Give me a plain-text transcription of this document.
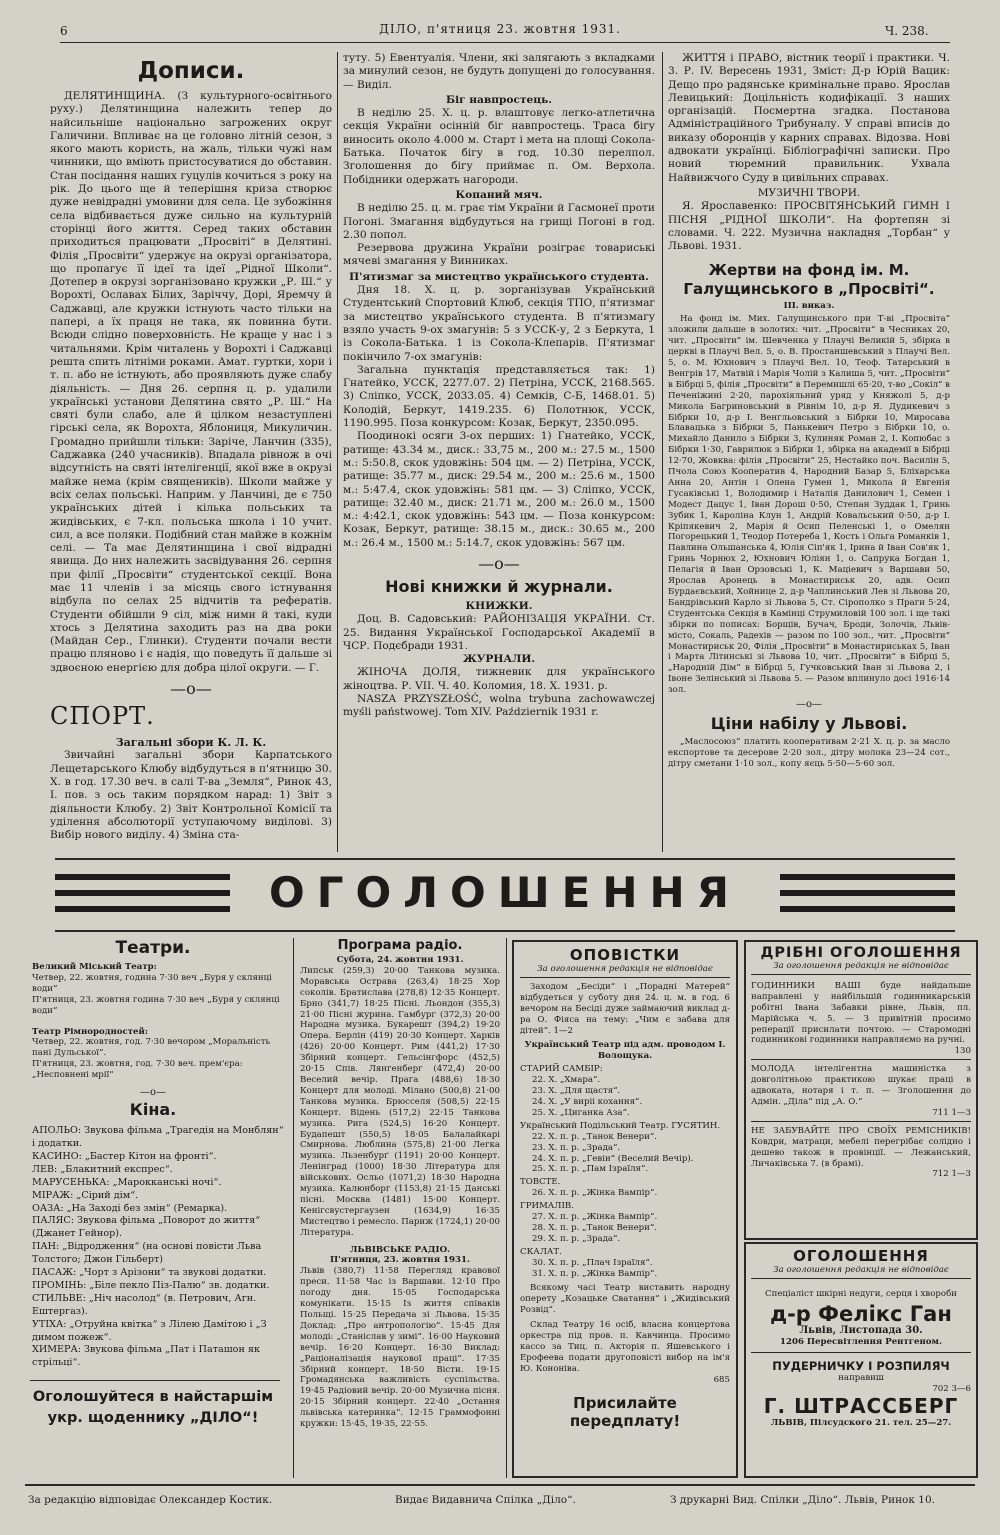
6	ДІЛО, п'ятниця 23. жовтня 1931.	Ч. 238.
Дописи.

ДЕЛЯТИНЩИНА. (З культурного-освітнього руху.) Делятинщина належить тепер до найсильніше національно загрожених округ Галичини. Впливає на це головно літній сезон, з якого мають користь, на жаль, тільки чужі нам чинники, що вміють пристосуватися до обставин. Стан посідання наших гуцулів кочиться з року на рік. До цього ще й теперішня криза створює дуже невідрадні умовини для села. Це зубожіння села відбивається дуже сильно на культурній сторінці його життя. Серед таких обставин приходиться працювати „Просвіті“ в Делятині. Філія „Просвіти“ удержує на окрузі організатора, що пропагує її ідеї та ідеї „Рідної Школи“. Дотепер в окрузі зорганізовано кружки „Р. Ш.“ у Ворохті, Ославах Білих, Заріччу, Дорі, Яремчу й Саджавці, але кружки істнують часто тільки на папері, а їх праця не така, як повинна бути. Всюди слідно поверховність. Не краще у нас і з читальнями. Крім читалень у Ворохті і Саджавці решта спить літніми роками. Амат. гуртки, хори і т. п. або не істнують, або проявляють дуже слабу діяльність. — Дня 26. серпня ц. р. удалили українські установи Делятина свято „Р. Ш.“ На святі були слабо, але й цілком незаступлені гірські села, як Ворохта, Яблониця, Микуличин. Громадно прийшли тільки: Заріче, Ланчин (335), Саджавка (240 учасників). Впадала рівнож в очі відсутність на святі інтелігенції, якої вже в окрузі майже нема (крім священиків). Школи майже у всіх селах польські. Наприм. у Ланчині, де є 750 українських дітей і кілька польських та жидівських, є 7-кл. польська школа і 10 учит. сил, а все поляки. Подібний стан майже в кожнім селі. — Та має Делятинщина і свої відрадні явища. До них належить засвідування 26. серпня при філії „Просвіти“ студентської секції. Вона має 11 членів і за місяць свого істнування відбула по селах 25 відчитів та рефератів. Студенти обійшли 9 сіл, між ними й такі, куди хтось з Делятина заходить раз на два роки (Майдан Сер., Глинки). Студенти почали вести працю пляново і є надія, що поведуть її дальше зі здвоєною енергією для добра цілої округи. — Г.

—o—
СПОРТ.
Загальні збори К. Л. К.

Звичайні загальні збори Карпатського Лещетарського Клюбу відбудуться в п'ятницю 30. X. в год. 17.30 веч. в салі Т-ва „Земля“, Ринок 43, І. пов. з ось таким порядком нарад: 1) Звіт з діяльности Клюбу. 2) Звіт Контрольної Комісії та уділення абсолюторії уступаючому виділові. 3) Вибір нового виділу. 4) Зміна ста-

туту. 5) Евентуалія. Члени, які залягають з вкладками за минулий сезон, не будуть допущені до голосування. — Виділ.

Біг навпростець.

В неділю 25. X. ц. р. влаштовує легко-атлетична секція України осінній біг навпростець. Траса бігу виносить около 4.000 м. Старт і мета на площі Сокола-Батька. Початок бігу в год. 10.30 перелпол. Зголошення до бігу приймає п. Ом. Верхола. Побідники одержать нагороди.

Копаний мяч.

В неділю 25. ц. м. грає тім України й Гасмонеї проти Погоні. Змагання відбудуться на грищі Погоні в год. 2.30 попол.

Резервова дружина України розіграє товариські мячеві змагання у Винниках.

П'ятизмаг за мистецтво українського студента.

Дня 18. X. ц. р. зорганізував Український Студентський Спортовий Клюб, секція ТПО, п'ятизмаг за мистецтво українського студента. В п'ятизмагу взяло участь 9-ох змагунів: 5 з УССК-у, 2 з Беркута, 1 із Сокола-Батька. 1 із Сокола-Клепарів. П'ятизмаг покінчило 7-ох змагунів:

Загальна пунктація представляється так: 1) Гнатейко, УССК, 2277.07. 2) Петріна, УССК, 2168.565. 3) Сліпко, УССК, 2033.05. 4) Семків, С-Б, 1468.01. 5) Колодій, Беркут, 1419.235. 6) Полотнюк, УССК, 1190.995. Поза конкурсом: Козак, Беркут, 2350.095.

Поодинокі осяги 3-ох перших: 1) Гнатейко, УССК, ратище: 43.34 м., диск.: 33,75 м., 200 м.: 27.5 м., 1500 м.: 5:50.8, скок удовжінь: 504 цм. — 2) Петріна, УССК, ратище: 35.77 м., диск: 29.54 м., 200 м.: 25.6 м., 1500 м.: 5:47.4, скок удовжінь: 581 цм. — 3) Сліпко, УССК, ратище: 32.40 м., диск: 21.71 м., 200 м.: 26.0 м., 1500 м.: 4:42.1, скок удовжінь: 543 цм. — Поза конкурсом: Козак, Беркут, ратище: 38.15 м., диск.: 30.65 м., 200 м.: 26.4 м., 1500 м.: 5:14.7, скок удовжінь: 567 цм.

—o—
Нові книжки й журнали.
КНИЖКИ.

Доц. В. Садовський: РАЙОНІЗАЦІЯ УКРАЇНИ. Ст. 25. Видання Української Господарської Академії в ЧСР. Подєбради 1931.

ЖУРНАЛИ.

ЖІНОЧА ДОЛЯ, тижневик для українського жіноцтва. Р. VII. Ч. 40. Коломия, 18. X. 1931. р.

NASZA PRZYSZŁOŚĆ, wolna trybuna zachowawczej myśli państwowej. Tom XIV. Październik 1931 r.

ЖИТТЯ і ПРАВО, вістник теорії і практики. Ч. 3. Р. IV. Вересень 1931, Зміст: Д-р Юрій Вацик: Дещо про радянське кримінальне право. Ярослав Левицький: Доцільність кодифікації. З наших організацій. Посмертна згадка. Постанова Адміністраційного Трибуналу. У справі вписів до виказу оборонців у карних справах. Відозва. Нові адвокати українці. Бібліографічні записки. Про новий тюремний правильник. Ухвала Найвижчого Суду в цивільних справах.

МУЗИЧНІ ТВОРИ.

Я. Ярославенко: ПРОСВІТЯНСЬКИЙ ГИМН І ПІСНЯ „РІДНОЇ ШКОЛИ“. На фортепян зі словами. Ч. 222. Музична накладня „Торбан“ у Львові. 1931.

Жертви на фонд ім. М. Галущинського в „Просвіті“.
ІІІ. виказ.

На фонд ім. Мих. Галущинського при Т-ві „Просвіта“ зложили дальше в золотих: чит. „Просвіти“ в Чесниках 20, чит. „Просвіти“ ім. Шевченка у Плаучі Великій 5, збірка в церкві в Плаучі Вел. 5, о. В. Простаншевський з Плаучі Вел. 5, о. М. Юхнович з Плаучі Вел. 10, Теоф. Татарський в Венгрів 17, Матвій і Марія Чолій з Калиша 5, чит. „Просвіти“ в Бібрці 5, філія „Просвіти“ в Перемишлі 65·20, т-во „Сокіл“ в Печеніжині 2·20, парохіяльний уряд у Княжолі 5, д-р Микола Багриновський в Рівнім 10, д-р Я. Дудикевич з Бібрки 10, д-р І. Венгльовський з Бібрки 10, Миросава Блавацька з Бібрки 5, Панькевич Петро з Бібрки 10, о. Михайло Данило з Бібрки 3, Кулиняк Роман 2, І. Копюбас з Бібрки 1·30, Гаврилюк з Бібрки 1, збірка на академії в Бібрці 12·70, Жовква: філія „Просвіти“ 25, Нестайко поч. Василін 5, Пчола Союз Кооператив 4, Народний Базар 5, Бліхарська Анна 20, Антін і Олена Гумен 1, Микола й Евгенія Гусаківські 1, Володимир і Наталія Данилович 1, Семен і Модест Дацус 1, Іван Дорош 0·50, Степан Зуддак 1, Гринь Зубик 1, Кароліна Клун 1, Андрій Ковальський 0·50, д-р І. Кріпякевич 2, Марія й Осип Пеленські 1, о Омелян Погорецький 1, Теодор Потереба 1, Кость і Ольга Романків 1, Павлина Ольшанська 4, Юлія Сіп'як 1, Ірина й Іван Сов'як 1, Гринь Чорнюх 2, Юхнович Юліян 1, о. Сапрука Богдан 1, Пелагія й Іван Орзовські 1, К. Маціевич з Варшави 50, Ярослав Аронець в Монастириськ 20, адв. Осип Бурдаєвський, Хойнице 2, д-р Чаплинський Лев зі Львова 20, Бандрівський Карло зі Львова 5, Ст. Сірополко з Праги 5·24, Студентська Секція в Камінці Струмиловій 100 зол. і ще такі збірки по пописах: Борщів, Бучач, Броди, Золочів, Львів-місто, Сокаль, Радехів — разом по 100 зол., чит. „Просвіти“ Монастириськ 20, Філія „Просвіти“ в Монастириськах 5, Іван і Марта Літинські зі Львова 10, чит. „Просвіти“ в Бібрці 5, „Народній Дім“ в Бібрці 5, Гучковський Іван зі Львова 2, і Івоне Зелінський зі Львова 5. — Разом вплинуло досі 1916·14 зол.

—o—
Ціни набілу у Львові.

„Маслосоюз“ платить кооперативам 2·21 Х. ц. р. за масло експортове та десерове 2·20 зол., дітру молока 23—24 сот., дітру сметани 1·10 зол., копу яєць 5·50—5·60 зол.

ОГОЛОШЕННЯ
Театри.
Великий Міський Театр:
Четвер, 22. жовтня, година 7·30 веч „Буря у склянці води“
П'ятниця, 23. жовтня година 7·30 веч „Буря у склянці води“
Театр Рімнородностей:
Четвер, 22. жовтня, год. 7·30 вечором „Моральність пані Дульської“.
П'ятниця, 23. жовтня, год. 7·30 веч. прем'єра: „Несповнені мрії“
—o—
Кіна.
АПОЛЬО: Звукова фільма „Трагедія на Монблян“ і додатки.
КАСИНО: „Бастер Кітон на фронті“.
ЛЕВ: „Блакитний експрес“.
МАРУСЕНЬКА: „Марокканські ночі“.
МІРАЖ: „Сірий дім“.
ОАЗА: „На Заході без змін“ (Ремарка).
ПАЛЯС: Звукова фільма „Поворот до життя“ (Джанет Гейнор).
ПАН: „Відродження“ (на основі повісти Льва Толстого; Джон Гільберт)
ПАСАЖ: „Чорт з Арізони“ та звукові додатки.
ПРОМІНЬ: „Біле пекло Піз-Палю“ зв. додатки.
СТИЛЬВЕ: „Ніч насолод“ (в. Петрович, Агн. Ештергаз).
УТІХА: „Отруйна квітка“ з Лілею Дамітою і „З димом пожеж“.
ХИМЕРА: Звукова фільма „Пат і Паташон як стрільці“.
Оголошуйтеся в найстаршім укр. щоденнику „ДІЛО“!
Програма радіо.
Субота, 24. жовтня 1931.

Липськ (259,3) 20·00 Танкова музика. Моравська Острава (263,4) 18·25 Хор соколів. Братислава (278,8) 12·35 Концерт. Брно (341,7) 18·25 Пісні. Льондон (355,3) 21·00 Пісні журина. Гамбург (372,3) 20·00 Народна музика. Букарешт (394,2) 19·20 Опера. Берлін (419) 20·30 Концерт. Харків (426) 20·00 Концерт. Рим (441,2) 17·30 Збірний концерт. Гельсінгфорс (452,5) 20·15 Спів. Лянгенберг (472,4) 20·00 Веселий вечір. Прага (488,6) 18·30 Концерт для молоді. Мілано (500,8) 21·00 Танкова музика. Брюсселя (508,5) 22·15 Концерт. Відень (517,2) 22·15 Танкова музика. Рига (524,5) 16·20 Концерт. Будапешт (550,5) 18·05 Балалайкарі Смирнова. Люблина (575,8) 21·00 Легка музика. Льзенбурґ (1191) 20·00 Концерт. Ленінград (1000) 18·30 Література для військових. Осльо (1071,2) 18·30 Народна музика. Калюнборг (1153,8) 21·15 Данські пісні. Москва (1481) 15·00 Концерт. Кенігсвустергаузен (1634,9) 16·35 Мистецтво і ремесло. Париж (1724,1) 20·00 Література.

ЛЬВІВСЬКЕ РАДІО.
П'ятниця, 23. жовтня 1931.

Львів (380,7) 11·58 Перегляд кравової преси. 11·58 Час із Варшави. 12·10 Про погоду дня. 15·05 Господарська комунікати. 15·15 Із життя співаків Польщі. 15·25 Передача зі Львова. 15·35 Доклад: „Про антропологію“. 15·45 Для молоді: „Станіслав у зимі“. 16·00 Науковий вечір. 16·20 Концерт. 16·30 Виклад: „Раціоналізація наукової праці“. 17·35 Збірний концерт. 18·50 Вісти. 19·15 Громадянська важливість суспільства. 19·45 Радіовий вечір. 20·00 Музична пісня. 20·15 Збірний концерт. 22·40 „Остання львівська катеринка“. 12·15 Граммофонні кружки: 15·45, 19·35, 22·55.

ОПОВІСТКИ
За оголошення редакція не відповідає

Заходом „Бесіди“ і „Порадні Матерей“ відбудеться у суботу дня 24. ц. м. в год. 6 вечором на Бесіді дуже займаючий виклад д-ра О. Фіяса на тему: „Чим є забава для дітей“. 1—2

Український Театр під адм. проводом І. Волощука.
СТАРИЙ САМБІР:
22. X. „Хмара“.
23. X. „Для щастя“.
24. X. „У виріі кохання“.
25. X. „Циганка Аза“.
Український Подільський Театр. ГУСЯТИН.
22. X. п. р. „Танок Венери“.
23. X. п. р. „Зрада“.
24. X. п. р. „Гевін“ (Веселий Вечір).
25. X. п. р. „Пам Ізраїля“.
ТОВСТЕ.
26. X. п. р. „Жінка Вампір“.
ГРИМАЛІВ.
27. X. п. р. „Жінка Вампір“.
28. X. п. р. „Танок Венери“.
29. X. п. р. „Зрада“.
СКАЛАТ.
30. X. п. р. „Плач Ізраїля“.
31. X. п. р. „Жінка Вампір“.

Всякому часі Театр виставить народну оперету „Козацьке Сватання“ і „Жидівський Розвід“.

Склад Театру 16 осіб, власна концертова оркестра під пров. п. Кавчинца. Просимо кассо за Тиц. п. Акторія п. Яшевського і Ерофеева подати другоповісті вибор на ім'я Ю. Кононіва.

685
Присилайте передплату!
ДРІБНІ ОГОЛОШЕННЯ
За оголошення редакція не відповідає
ГОДИННИКИ ВАШІ буде найдальше направлені у найбільшій годинникарській робітні Івана Забавки рівне, Львів, пл. Марійська ч. 5. — З привітній просимо реперації присилати почтою. — Старомодні годинникові годинники направляємо на ручні.
130
МОЛОДА інтелігентна машиністка з довголітньою практикою шукає праці в адвоката, нотаря і т. п. — Зголошення до Адмін. „Діла“ під „А. О.“
711 1—3
НЕ ЗАБУВАЙТЕ ПРО СВОЇХ РЕМІСНИКІВ! Ковдри, матраци, мебелі перегрібає солідно і дешево також в провінції. — Лежанський, Личаківська 7. (в брамі).
712 1—3
ОГОЛОШЕННЯ
За оголошення редакція не відповідає
Спеціаліст шкірні недуги, серця і хвороби
д-р Фелікс Ган
Львів, Листопада 30.
1206 Пересвітлення Рентгеном.
ПУДЕРНИЧКУ І РОЗПИЛЯЧ
направиш
702 3—6
Г. ШТРАССБЕРГ
ЛЬВІВ, Пілсудского 21. тел. 25—27.
За редакцію відповідає Олександер Костик.	Видає Видавнича Спілка „Діло“.	З друкарні Вид. Спілки „Діло“. Львів, Ринок 10.
